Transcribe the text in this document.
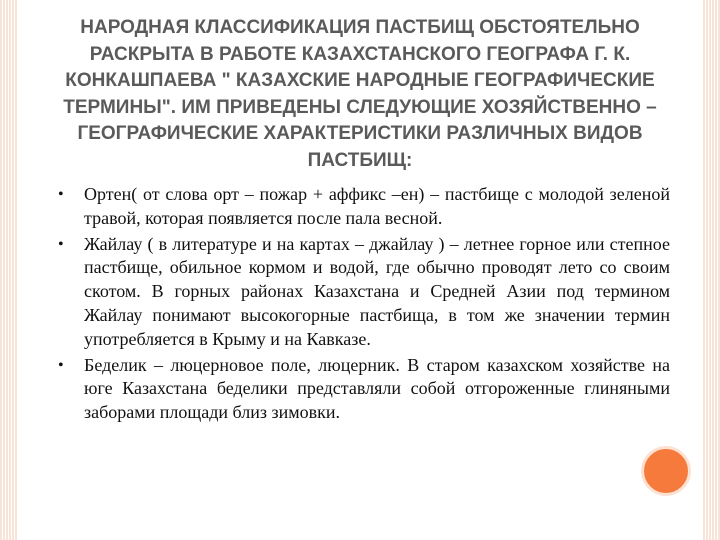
НАРОДНАЯ КЛАССИФИКАЦИЯ ПАСТБИЩ ОБСТОЯТЕЛЬНО РАСКРЫТА В РАБОТЕ КАЗАХСТАНСКОГО ГЕОГРАФА Г. К. КОНКАШПАЕВА " КАЗАХСКИЕ НАРОДНЫЕ ГЕОГРАФИЧЕСКИЕ ТЕРМИНЫ". ИМ ПРИВЕДЕНЫ СЛЕДУЮЩИЕ ХОЗЯЙСТВЕННО – ГЕОГРАФИЧЕСКИЕ ХАРАКТЕРИСТИКИ РАЗЛИЧНЫХ ВИДОВ ПАСТБИЩ:
• Ортен( от слова орт – пожар + аффикс –ен) – пастбище с молодой зеленой травой, которая появляется после пала весной.
• Жайлау ( в литературе и на картах – джайлау ) – летнее горное или степное пастбище, обильное кормом и водой, где обычно проводят лето со своим скотом. В горных районах Казахстана и Средней Азии под термином Жайлау понимают высокогорные пастбища, в том же значении термин употребляется в Крыму и на Кавказе.
• Беделик – люцерновое поле, люцерник. В старом казахском хозяйстве на юге Казахстана беделики представляли собой отгороженные глиняными заборами площади близ зимовки.
